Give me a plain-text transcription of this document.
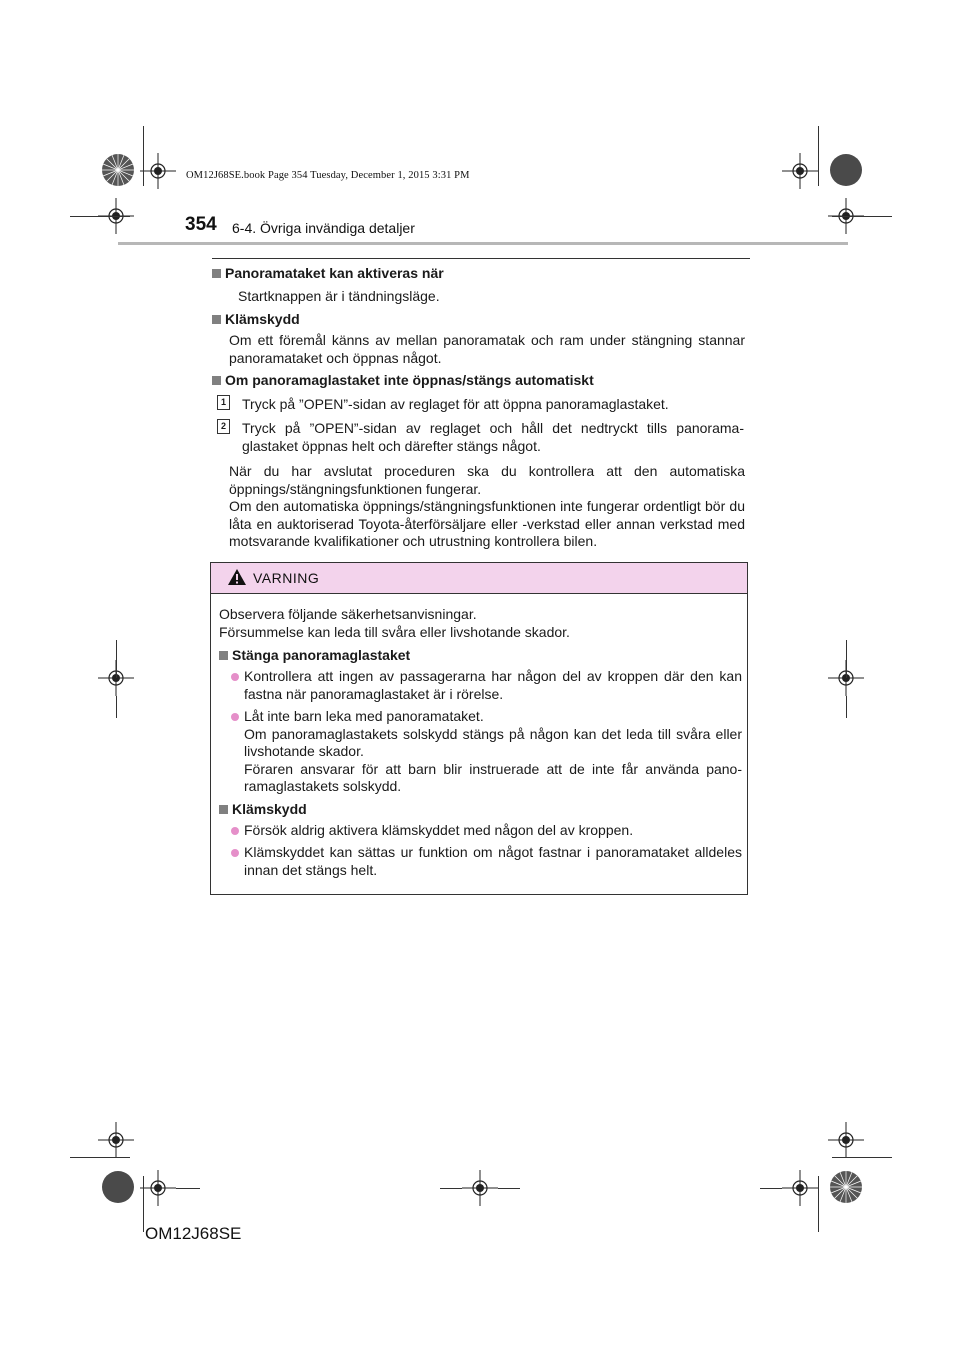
OM12J68SE.book Page 354 Tuesday, December 1, 2015 3:31 PM
354 6-4. Övriga invändiga detaljer
Panoramataket kan aktiveras när
Startknappen är i tändningsläge.
Klämskydd
Om ett föremål känns av mellan panoramatak och ram under stängning stannar panoramataket och öppnas något.
Om panoramaglastaket inte öppnas/stängs automatiskt
1 Tryck på ”OPEN”-sidan av reglaget för att öppna panoramaglastaket.
2 Tryck på ”OPEN”-sidan av reglaget och håll det nedtryckt tills panorama-glastaket öppnas helt och därefter stängs något.
När du har avslutat proceduren ska du kontrollera att den automatiska öppnings/stängningsfunktionen fungerar.
Om den automatiska öppnings/stängningsfunktionen inte fungerar ordentligt bör du låta en auktoriserad Toyota-återförsäljare eller -verkstad eller annan verkstad med motsvarande kvalifikationer och utrustning kontrollera bilen.
VARNING
Observera följande säkerhetsanvisningar.
Försummelse kan leda till svåra eller livshotande skador.
Stänga panoramaglastaket
Kontrollera att ingen av passagerarna har någon del av kroppen där den kan fastna när panoramaglastaket är i rörelse.
Låt inte barn leka med panoramataket.
Om panoramaglastakets solskydd stängs på någon kan det leda till svåra eller livshotande skador.
Föraren ansvarar för att barn blir instruerade att de inte får använda pano-ramaglastakets solskydd.
Klämskydd
Försök aldrig aktivera klämskyddet med någon del av kroppen.
Klämskyddet kan sättas ur funktion om något fastnar i panoramataket alldeles innan det stängs helt.
OM12J68SE
